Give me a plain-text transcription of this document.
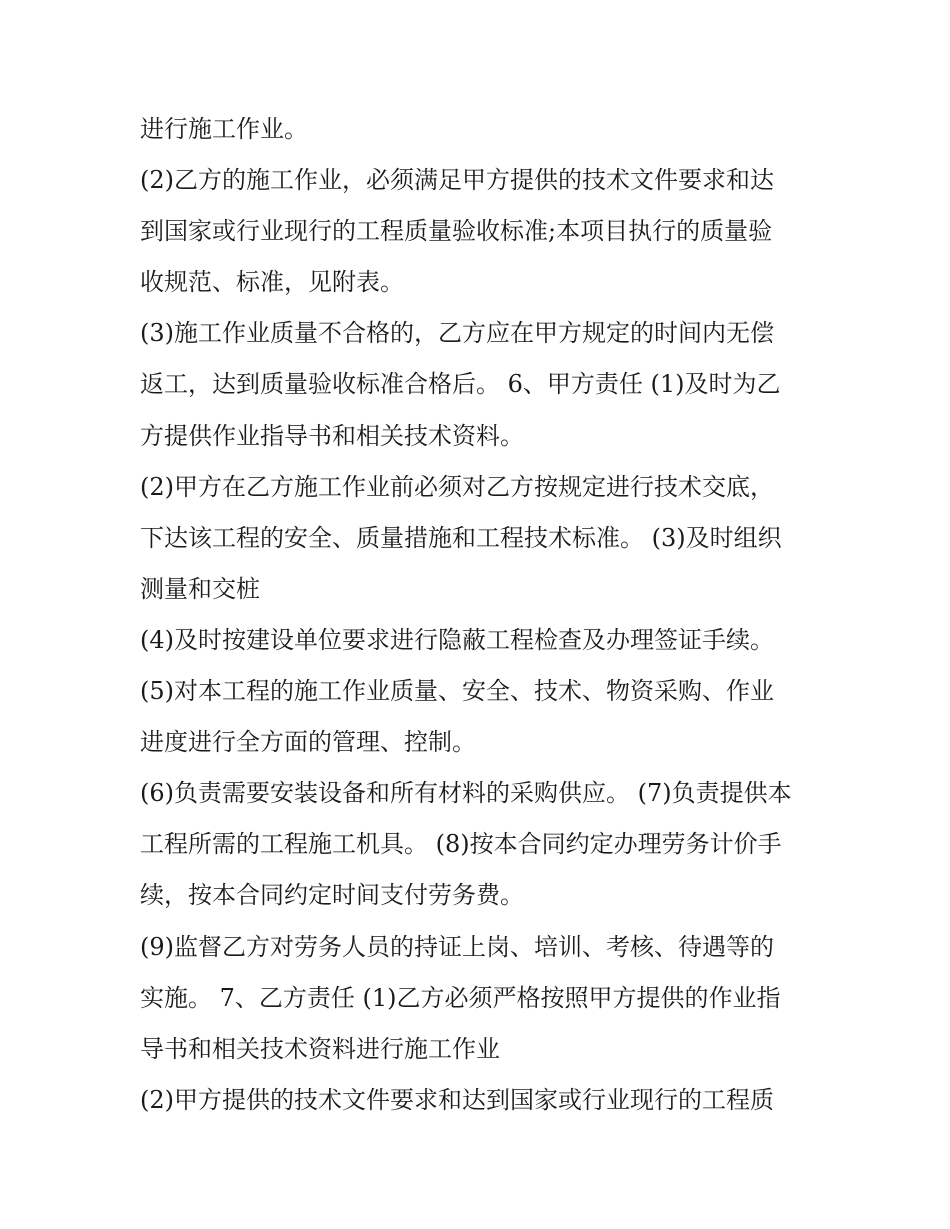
进行施工作业。
(2)乙方的施工作业，必须满足甲方提供的技术文件要求和达
到国家或行业现行的工程质量验收标准;本项目执行的质量验
收规范、标准，见附表。
(3)施工作业质量不合格的，乙方应在甲方规定的时间内无偿
返工，达到质量验收标准合格后。 6、甲方责任 (1)及时为乙
方提供作业指导书和相关技术资料。
(2)甲方在乙方施工作业前必须对乙方按规定进行技术交底，
下达该工程的安全、质量措施和工程技术标准。 (3)及时组织
测量和交桩
(4)及时按建设单位要求进行隐蔽工程检查及办理签证手续。
(5)对本工程的施工作业质量、安全、技术、物资采购、作业
进度进行全方面的管理、控制。
(6)负责需要安装设备和所有材料的采购供应。 (7)负责提供本
工程所需的工程施工机具。 (8)按本合同约定办理劳务计价手
续，按本合同约定时间支付劳务费。
(9)监督乙方对劳务人员的持证上岗、培训、考核、待遇等的
实施。 7、乙方责任 (1)乙方必须严格按照甲方提供的作业指
导书和相关技术资料进行施工作业
(2)甲方提供的技术文件要求和达到国家或行业现行的工程质
